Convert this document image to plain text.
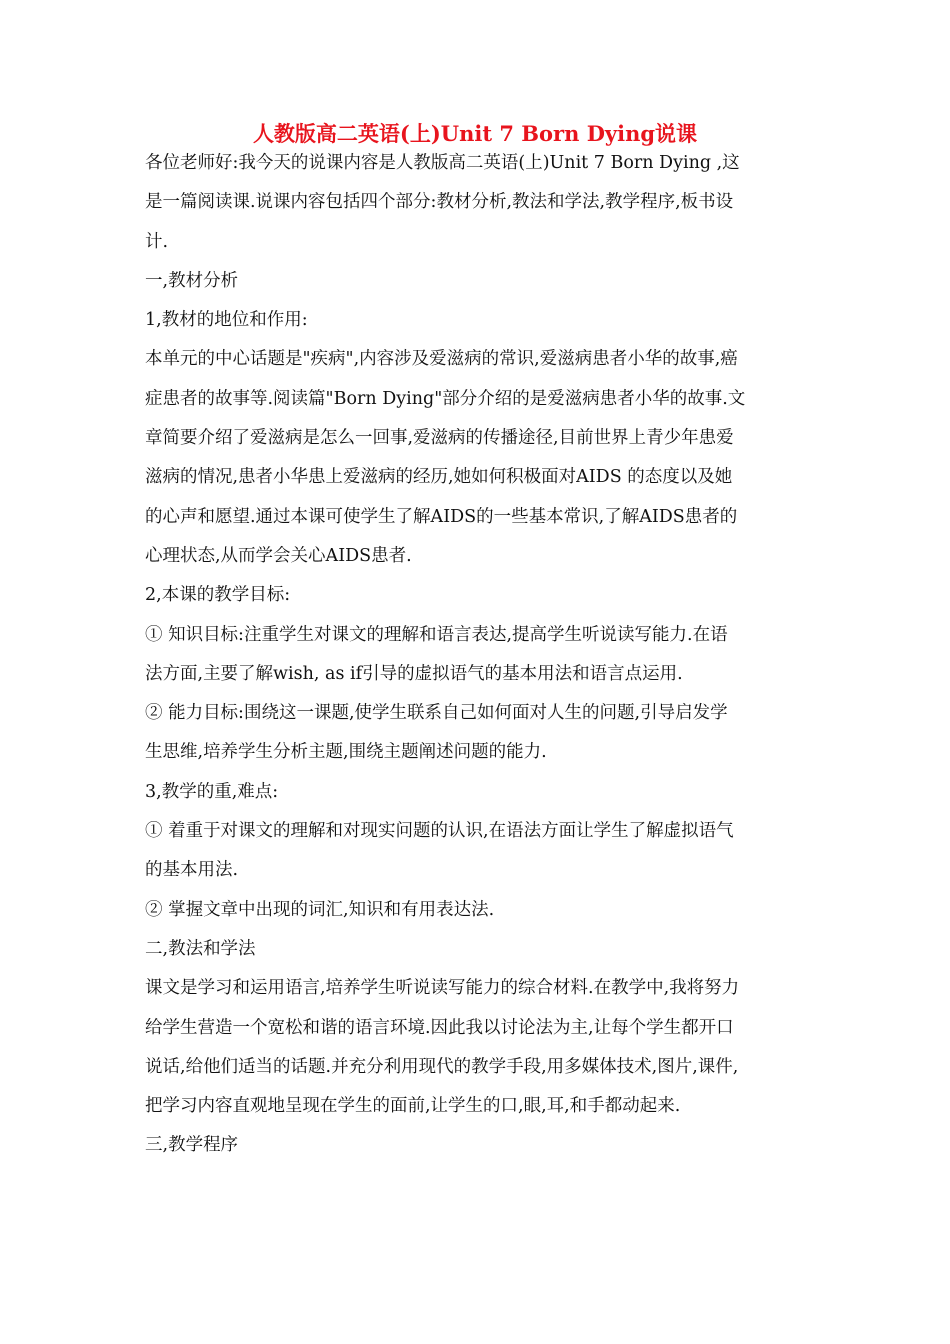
人教版高二英语(上)Unit 7 Born Dying说课
各位老师好:我今天的说课内容是人教版高二英语(上)Unit 7 Born Dying ,这
是一篇阅读课.说课内容包括四个部分:教材分析,教法和学法,教学程序,板书设
计.
一,教材分析
1,教材的地位和作用:
本单元的中心话题是"疾病",内容涉及爱滋病的常识,爱滋病患者小华的故事,癌
症患者的故事等.阅读篇"Born Dying"部分介绍的是爱滋病患者小华的故事.文
章简要介绍了爱滋病是怎么一回事,爱滋病的传播途径,目前世界上青少年患爱
滋病的情况,患者小华患上爱滋病的经历,她如何积极面对AIDS 的态度以及她
的心声和愿望.通过本课可使学生了解AIDS的一些基本常识,了解AIDS患者的
心理状态,从而学会关心AIDS患者.
2,本课的教学目标:
① 知识目标:注重学生对课文的理解和语言表达,提高学生听说读写能力.在语
法方面,主要了解wish, as if引导的虚拟语气的基本用法和语言点运用.
② 能力目标:围绕这一课题,使学生联系自己如何面对人生的问题,引导启发学
生思维,培养学生分析主题,围绕主题阐述问题的能力.
3,教学的重,难点:
① 着重于对课文的理解和对现实问题的认识,在语法方面让学生了解虚拟语气
的基本用法.
② 掌握文章中出现的词汇,知识和有用表达法.
二,教法和学法
课文是学习和运用语言,培养学生听说读写能力的综合材料.在教学中,我将努力
给学生营造一个宽松和谐的语言环境.因此我以讨论法为主,让每个学生都开口
说话,给他们适当的话题.并充分利用现代的教学手段,用多媒体技术,图片,课件,
把学习内容直观地呈现在学生的面前,让学生的口,眼,耳,和手都动起来.
三,教学程序
